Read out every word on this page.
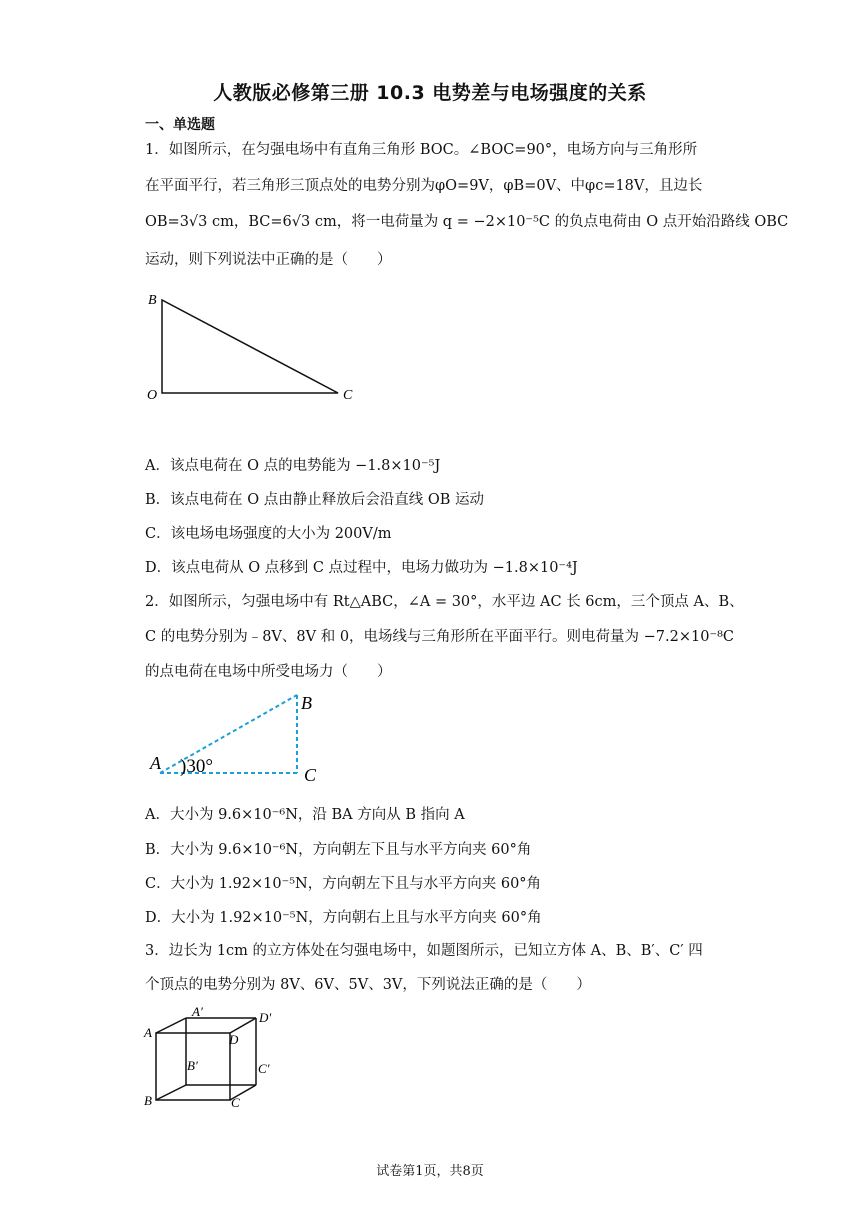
人教版必修第三册 10.3 电势差与电场强度的关系
一、单选题
1．如图所示，在匀强电场中有直角三角形 BOC。∠BOC=90°，电场方向与三角形所
在平面平行，若三角形三顶点处的电势分别为φO=9V，φB=0V、中φc=18V，且边长
OB=3√3 cm，BC=6√3 cm，将一电荷量为 q = −2×10⁻⁵C 的负点电荷由 O 点开始沿路线 OBC
运动，则下列说法中正确的是（　　）
B
O	C
A．该点电荷在 O 点的电势能为 −1.8×10⁻⁵J
B．该点电荷在 O 点由静止释放后会沿直线 OB 运动
C．该电场电场强度的大小为 200V/m
D．该点电荷从 O 点移到 C 点过程中，电场力做功为 −1.8×10⁻⁴J
2．如图所示，匀强电场中有 Rt△ABC，∠A = 30°，水平边 AC 长 6cm，三个顶点 A、B、
C 的电势分别为﹣8V、8V 和 0，电场线与三角形所在平面平行。则电荷量为 −7.2×10⁻⁸C
的点电荷在电场中所受电场力（　　）
A
B
C
)30°
A．大小为 9.6×10⁻⁶N，沿 BA 方向从 B 指向 A
B．大小为 9.6×10⁻⁶N，方向朝左下且与水平方向夹 60°角
C．大小为 1.92×10⁻⁵N，方向朝左下且与水平方向夹 60°角
D．大小为 1.92×10⁻⁵N，方向朝右上且与水平方向夹 60°角
3．边长为 1cm 的立方体处在匀强电场中，如题图所示，已知立方体 A、B、B′、C′ 四
个顶点的电势分别为 8V、6V、5V、3V，下列说法正确的是（　　）
A
A′	D′
D
B′	C′
B	C
试卷第1页，共8页
